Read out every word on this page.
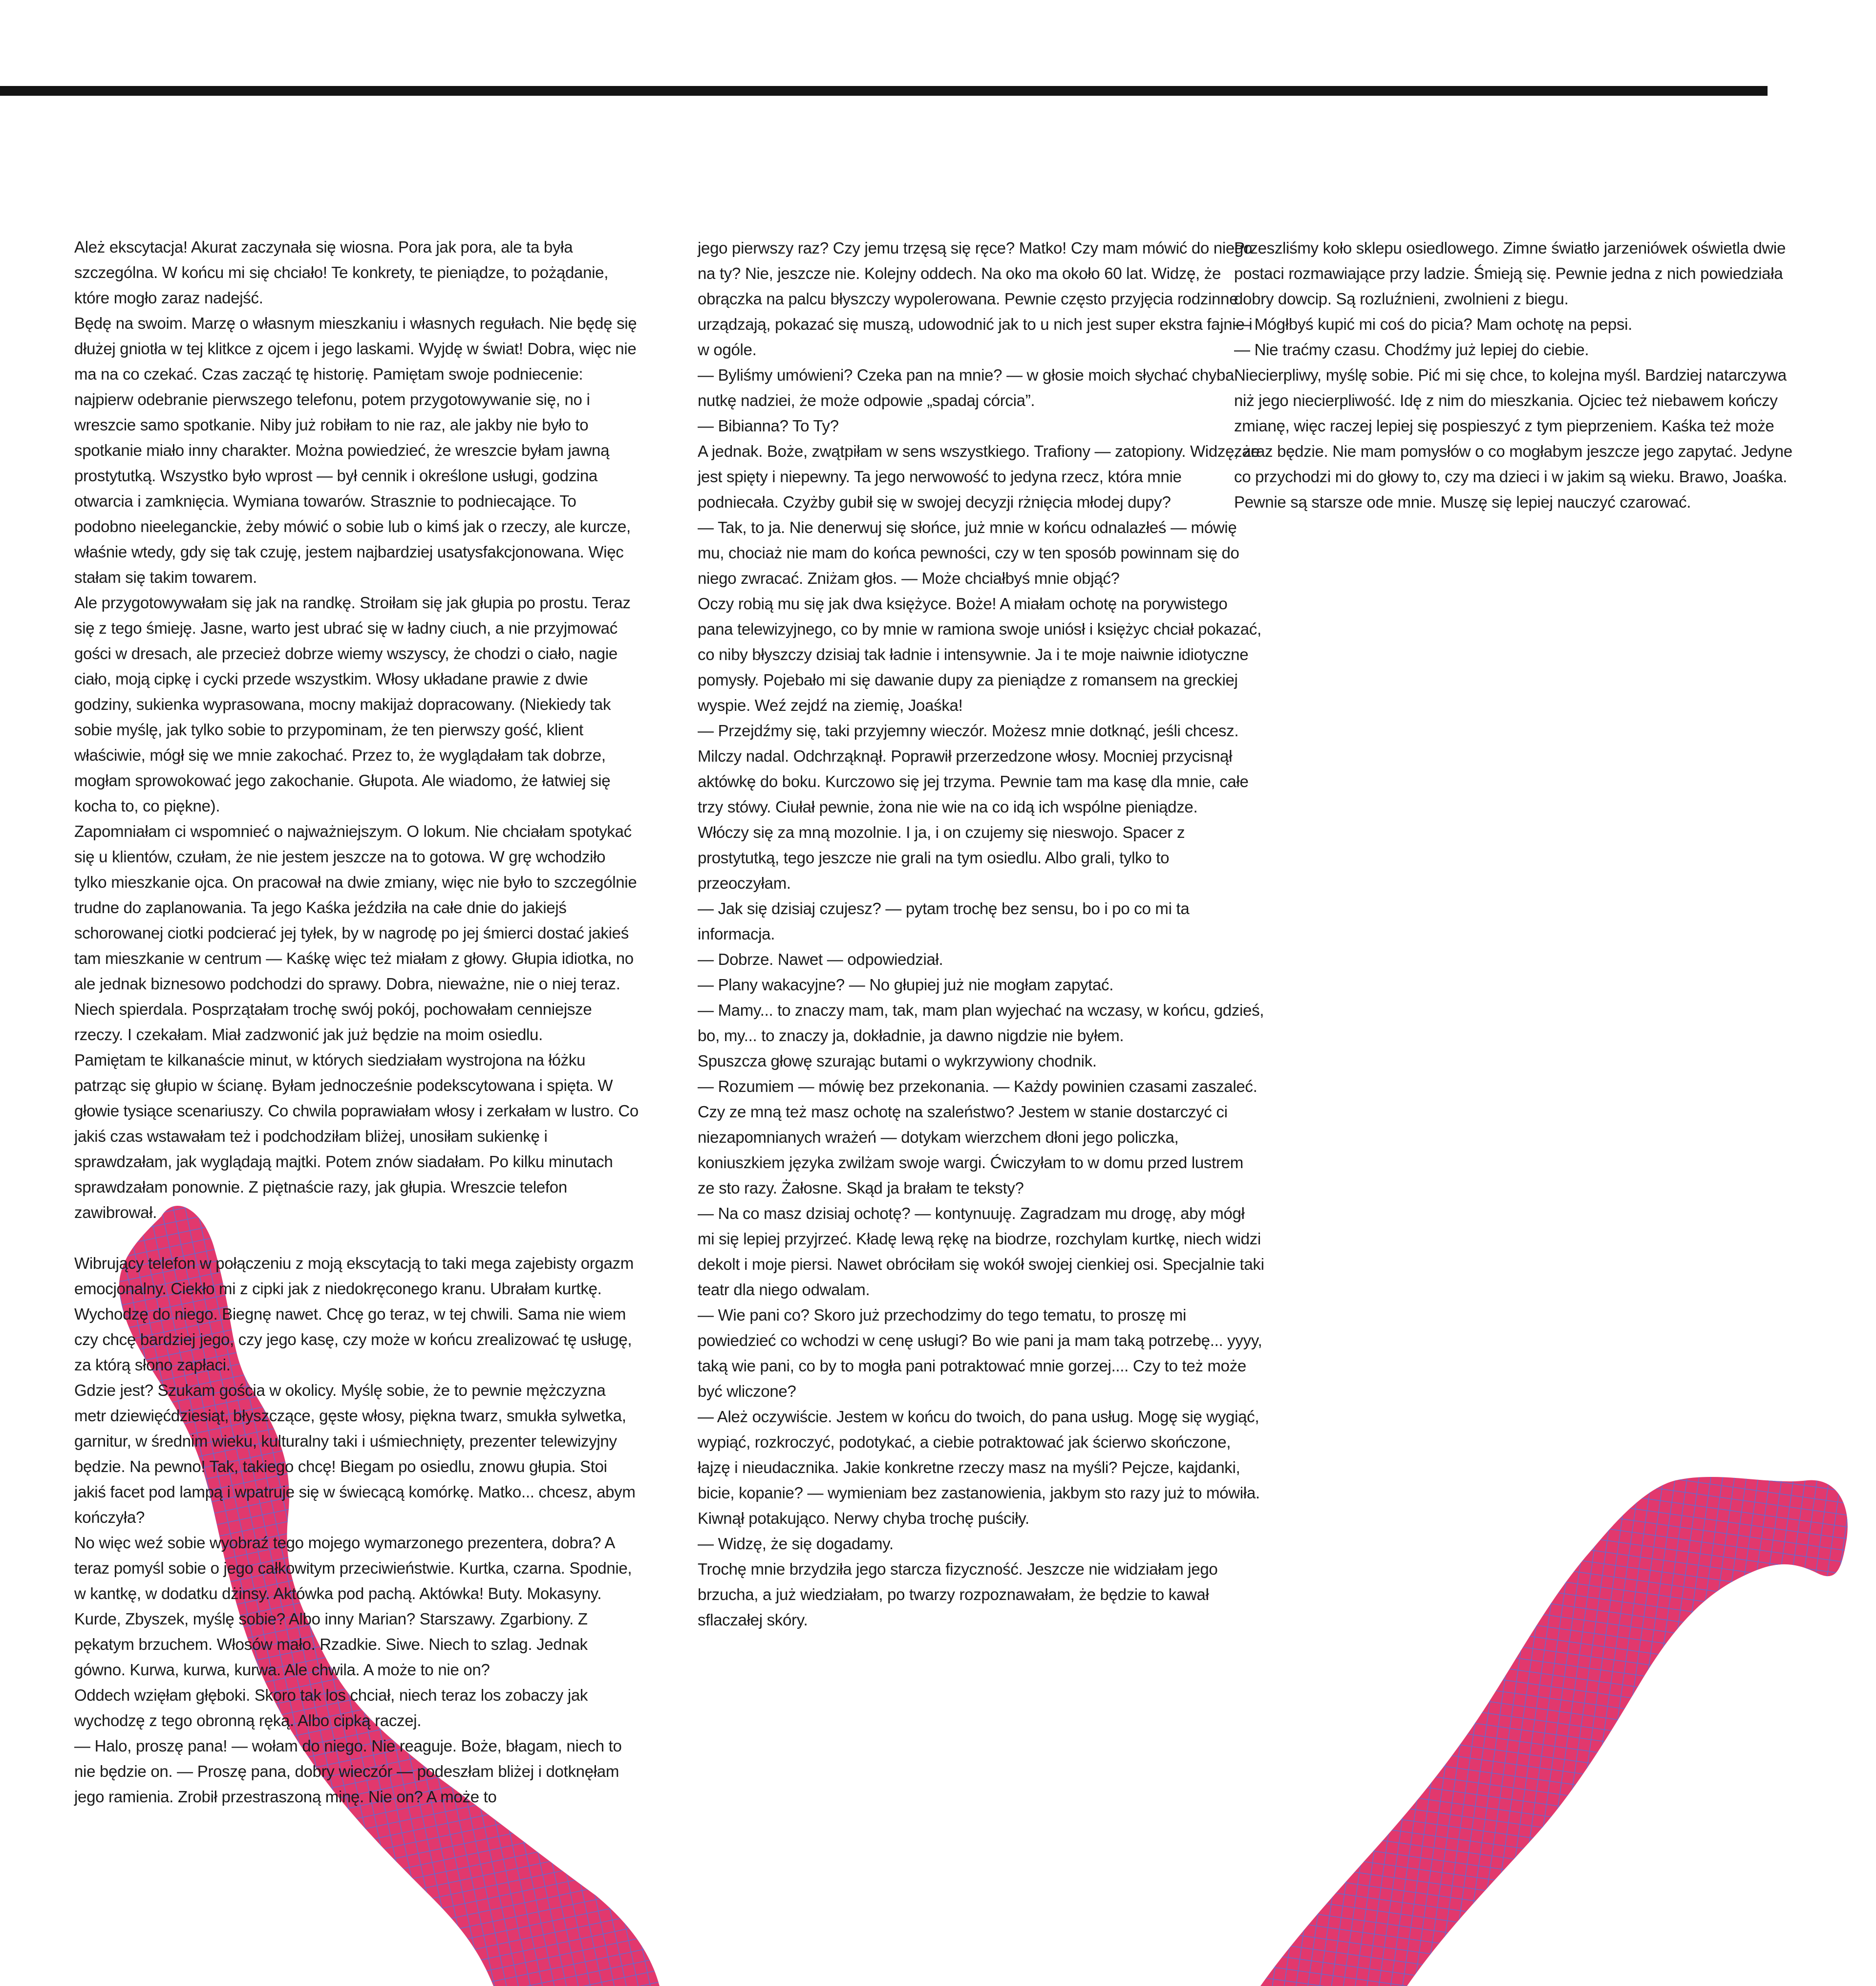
Ależ ekscytacja! Akurat zaczynała się wiosna. Pora jak pora, ale ta była szczególna. W końcu mi się chciało! Te konkrety, te pieniądze, to pożądanie, które mogło zaraz nadejść.

Będę na swoim. Marzę o własnym mieszkaniu i własnych regułach. Nie będę się dłużej gniotła w tej klitkce z ojcem i jego laskami. Wyjdę w świat! Dobra, więc nie ma na co czekać. Czas zacząć tę historię. Pamiętam swoje podniecenie: najpierw odebranie pierwszego telefonu, potem przygotowywanie się, no i wreszcie samo spotkanie. Niby już robiłam to nie raz, ale jakby nie było to spotkanie miało inny charakter. Można powiedzieć, że wreszcie byłam jawną prostytutką. Wszystko było wprost — był cennik i określone usługi, godzina otwarcia i zamknięcia. Wymiana towarów. Strasznie to podniecające. To podobno nieeleganckie, żeby mówić o sobie lub o kimś jak o rzeczy, ale kurcze, właśnie wtedy, gdy się tak czuję, jestem najbardziej usatysfakcjonowana. Więc stałam się takim towarem.

Ale przygotowywałam się jak na randkę. Stroiłam się jak głupia po prostu. Teraz się z tego śmieję. Jasne, warto jest ubrać się w ładny ciuch, a nie przyjmować gości w dresach, ale przecież dobrze wiemy wszyscy, że chodzi o ciało, nagie ciało, moją cipkę i cycki przede wszystkim. Włosy układane prawie z dwie godziny, sukienka wyprasowana, mocny makijaż dopracowany. (Niekiedy tak sobie myślę, jak tylko sobie to przypominam, że ten pierwszy gość, klient właściwie, mógł się we mnie zakochać. Przez to, że wyglądałam tak dobrze, mogłam sprowokować jego zakochanie. Głupota. Ale wiadomo, że łatwiej się kocha to, co piękne).

Zapomniałam ci wspomnieć o najważniejszym. O lokum. Nie chciałam spotykać się u klientów, czułam, że nie jestem jeszcze na to gotowa. W grę wchodziło tylko mieszkanie ojca. On pracował na dwie zmiany, więc nie było to szczególnie trudne do zaplanowania. Ta jego Kaśka jeździła na całe dnie do jakiejś schorowanej ciotki podcierać jej tyłek, by w nagrodę po jej śmierci dostać jakieś tam mieszkanie w centrum — Kaśkę więc też miałam z głowy. Głupia idiotka, no ale jednak biznesowo podchodzi do sprawy. Dobra, nieważne, nie o niej teraz. Niech spierdala. Posprzątałam trochę swój pokój, pochowałam cenniejsze rzeczy. I czekałam. Miał zadzwonić jak już będzie na moim osiedlu.

Pamiętam te kilkanaście minut, w których siedziałam wystrojona na łóżku patrząc się głupio w ścianę. Byłam jednocześnie podekscytowana i spięta. W głowie tysiące scenariuszy. Co chwila poprawiałam włosy i zerkałam w lustro. Co jakiś czas wstawałam też i podchodziłam bliżej, unosiłam sukienkę i sprawdzałam, jak wyglądają majtki. Potem znów siadałam. Po kilku minutach sprawdzałam ponownie. Z piętnaście razy, jak głupia. Wreszcie telefon zawibrował.

Wibrujący telefon w połączeniu z moją ekscytacją to taki mega zajebisty orgazm emocjonalny. Ciekło mi z cipki jak z niedokręconego kranu. Ubrałam kurtkę. Wychodzę do niego. Biegnę nawet. Chcę go teraz, w tej chwili. Sama nie wiem czy chcę bardziej jego, czy jego kasę, czy może w końcu zrealizować tę usługę, za którą słono zapłaci.

Gdzie jest? Szukam gościa w okolicy. Myślę sobie, że to pewnie mężczyzna metr dziewięćdziesiąt, błyszczące, gęste włosy, piękna twarz, smukła sylwetka, garnitur, w średnim wieku, kulturalny taki i uśmiechnięty, prezenter telewizyjny będzie. Na pewno! Tak, takiego chcę! Biegam po osiedlu, znowu głupia. Stoi jakiś facet pod lampą i wpatruje się w świecącą komórkę. Matko... chcesz, abym kończyła?

No więc weź sobie wyobraź tego mojego wymarzonego prezentera, dobra? A teraz pomyśl sobie o jego całkowitym przeciwieństwie. Kurtka, czarna. Spodnie, w kantkę, w dodatku dżinsy. Aktówka pod pachą. Aktówka! Buty. Mokasyny. Kurde, Zbyszek, myślę sobie? Albo inny Marian? Starszawy. Zgarbiony. Z pękatym brzuchem. Włosów mało. Rzadkie. Siwe. Niech to szlag. Jednak gówno. Kurwa, kurwa, kurwa. Ale chwila. A może to nie on?

Oddech wzięłam głęboki. Skoro tak los chciał, niech teraz los zobaczy jak wychodzę z tego obronną ręką. Albo cipką raczej.

— Halo, proszę pana! — wołam do niego. Nie reaguje. Boże, błagam, niech to nie będzie on. — Proszę pana, dobry wieczór — podeszłam bliżej i dotknęłam jego ramienia. Zrobił przestraszoną minę. Nie on? A może to

jego pierwszy raz? Czy jemu trzęsą się ręce? Matko! Czy mam mówić do niego na ty? Nie, jeszcze nie. Kolejny oddech. Na oko ma około 60 lat. Widzę, że obrączka na palcu błyszczy wypolerowana. Pewnie często przyjęcia rodzinne urządzają, pokazać się muszą, udowodnić jak to u nich jest super ekstra fajnie i w ogóle.

— Byliśmy umówieni? Czeka pan na mnie? — w głosie moich słychać chyba nutkę nadziei, że może odpowie „spadaj córcia”.

— Bibianna? To Ty?

A jednak. Boże, zwątpiłam w sens wszystkiego. Trafiony — zatopiony. Widzę, że jest spięty i niepewny. Ta jego nerwowość to jedyna rzecz, która mnie podniecała. Czyżby gubił się w swojej decyzji rżnięcia młodej dupy?

— Tak, to ja. Nie denerwuj się słońce, już mnie w końcu odnalazłeś — mówię mu, chociaż nie mam do końca pewności, czy w ten sposób powinnam się do niego zwracać. Zniżam głos. — Może chciałbyś mnie objąć?

Oczy robią mu się jak dwa księżyce. Boże! A miałam ochotę na porywistego pana telewizyjnego, co by mnie w ramiona swoje uniósł i księżyc chciał pokazać, co niby błyszczy dzisiaj tak ładnie i intensywnie. Ja i te moje naiwnie idiotyczne pomysły. Pojebało mi się dawanie dupy za pieniądze z romansem na greckiej wyspie. Weź zejdź na ziemię, Joaśka!

— Przejdźmy się, taki przyjemny wieczór. Możesz mnie dotknąć, jeśli chcesz.

Milczy nadal. Odchrząknął. Poprawił przerzedzone włosy. Mocniej przycisnął aktówkę do boku. Kurczowo się jej trzyma. Pewnie tam ma kasę dla mnie, całe trzy stówy. Ciułał pewnie, żona nie wie na co idą ich wspólne pieniądze.

Włóczy się za mną mozolnie. I ja, i on czujemy się nieswojo. Spacer z prostytutką, tego jeszcze nie grali na tym osiedlu. Albo grali, tylko to przeoczyłam.

— Jak się dzisiaj czujesz? — pytam trochę bez sensu, bo i po co mi ta informacja.

— Dobrze. Nawet — odpowiedział.

— Plany wakacyjne? — No głupiej już nie mogłam zapytać.

— Mamy... to znaczy mam, tak, mam plan wyjechać na wczasy, w końcu, gdzieś, bo, my... to znaczy ja, dokładnie, ja dawno nigdzie nie byłem.

Spuszcza głowę szurając butami o wykrzywiony chodnik.

— Rozumiem — mówię bez przekonania. — Każdy powinien czasami zaszaleć. Czy ze mną też masz ochotę na szaleństwo? Jestem w stanie dostarczyć ci niezapomnianych wrażeń — dotykam wierzchem dłoni jego policzka, koniuszkiem języka zwilżam swoje wargi. Ćwiczyłam to w domu przed lustrem ze sto razy. Żałosne. Skąd ja brałam te teksty?

— Na co masz dzisiaj ochotę? — kontynuuję. Zagradzam mu drogę, aby mógł mi się lepiej przyjrzeć. Kładę lewą rękę na biodrze, rozchylam kurtkę, niech widzi dekolt i moje piersi. Nawet obróciłam się wokół swojej cienkiej osi. Specjalnie taki teatr dla niego odwalam.

— Wie pani co? Skoro już przechodzimy do tego tematu, to proszę mi powiedzieć co wchodzi w cenę usługi? Bo wie pani ja mam taką potrzebę... yyyy, taką wie pani, co by to mogła pani potraktować mnie gorzej.... Czy to też może być wliczone?

— Ależ oczywiście. Jestem w końcu do twoich, do pana usług. Mogę się wygiąć, wypiąć, rozkroczyć, podotykać, a ciebie potraktować jak ścierwo skończone, łajzę i nieudacznika. Jakie konkretne rzeczy masz na myśli? Pejcze, kajdanki, bicie, kopanie? — wymieniam bez zastanowienia, jakbym sto razy już to mówiła.

Kiwnął potakująco. Nerwy chyba trochę puściły.

— Widzę, że się dogadamy.

Trochę mnie brzydziła jego starcza fizyczność. Jeszcze nie widziałam jego brzucha, a już wiedziałam, po twarzy rozpoznawałam, że będzie to kawał sflaczałej skóry.

Przeszliśmy koło sklepu osiedlowego. Zimne światło jarzeniówek oświetla dwie postaci rozmawiające przy ladzie. Śmieją się. Pewnie jedna z nich powiedziała dobry dowcip. Są rozluźnieni, zwolnieni z biegu.

— Mógłbyś kupić mi coś do picia? Mam ochotę na pepsi.

— Nie traćmy czasu. Chodźmy już lepiej do ciebie.

Niecierpliwy, myślę sobie. Pić mi się chce, to kolejna myśl. Bardziej natarczywa niż jego niecierpliwość. Idę z nim do mieszkania. Ojciec też niebawem kończy zmianę, więc raczej lepiej się pospieszyć z tym pieprzeniem. Kaśka też może zaraz będzie. Nie mam pomysłów o co mogłabym jeszcze jego zapytać. Jedyne co przychodzi mi do głowy to, czy ma dzieci i w jakim są wieku. Brawo, Joaśka. Pewnie są starsze ode mnie. Muszę się lepiej nauczyć czarować.
